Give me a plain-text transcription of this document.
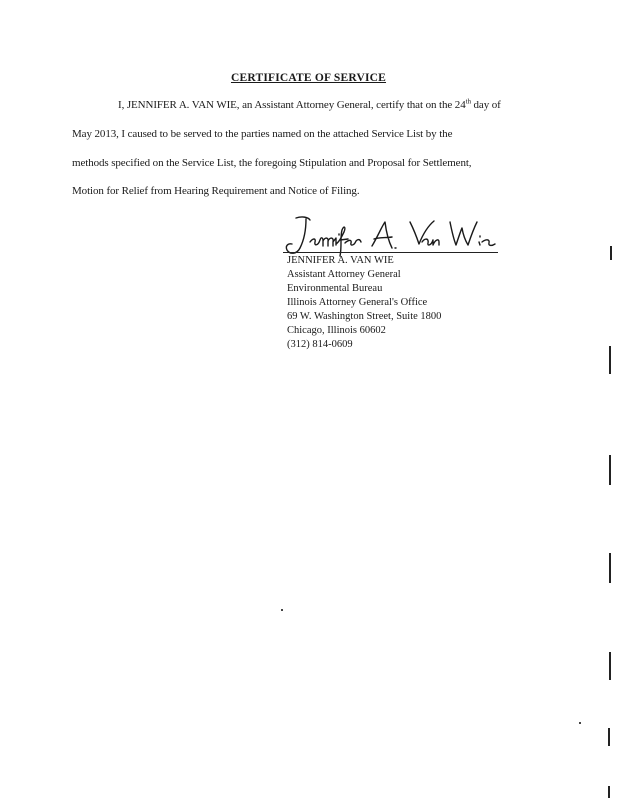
CERTIFICATE OF SERVICE
I, JENNIFER A. VAN WIE, an Assistant Attorney General, certify that on the 24th day of
May 2013, I caused to be served to the parties named on the attached Service List by the
methods specified on the Service List, the foregoing Stipulation and Proposal for Settlement,
Motion for Relief from Hearing Requirement and Notice of Filing.
JENNIFER A. VAN WIE
Assistant Attorney General
Environmental Bureau
Illinois Attorney General's Office
69 W. Washington Street, Suite 1800
Chicago, Illinois 60602
(312) 814-0609
